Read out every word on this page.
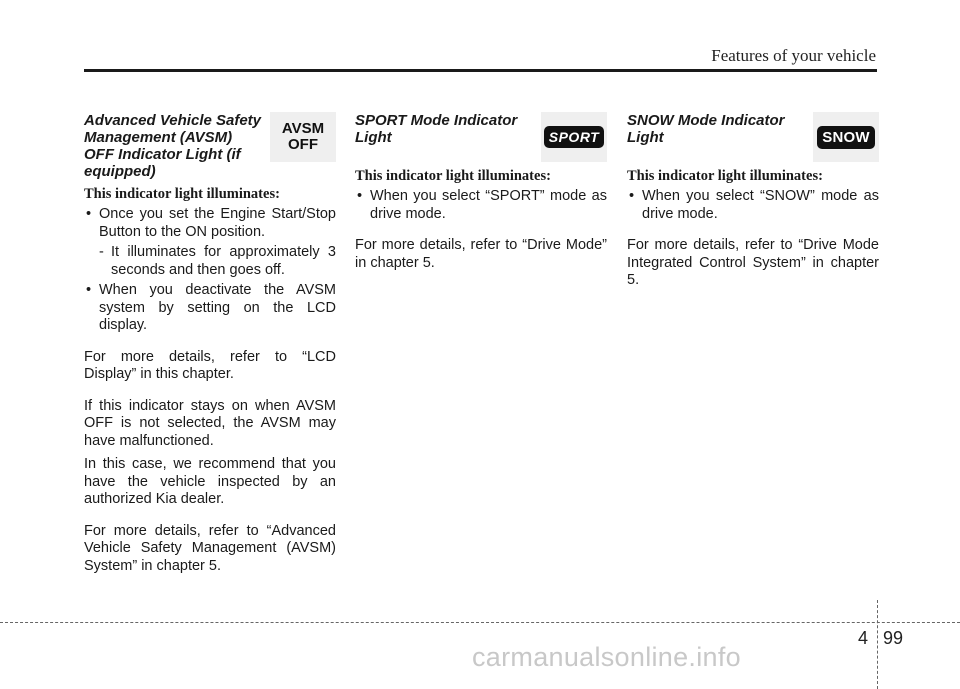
Features of your vehicle
Advanced Vehicle Safety Management (AVSM) OFF Indicator Light (if equipped)
AVSM
OFF
This indicator light illuminates:
• Once you set the Engine Start/Stop Button to the ON position.
- It illuminates for approximately 3 seconds and then goes off.
• When you deactivate the AVSM system by setting on the LCD display.

For more details, refer to “LCD Display” in this chapter.

If this indicator stays on when AVSM OFF is not selected, the AVSM may have malfunctioned.

In this case, we recommend that you have the vehicle inspected by an authorized Kia dealer.

For more details, refer to “Advanced Vehicle Safety Management (AVSM) System” in chapter 5.

SPORT Mode Indicator Light	SPORT
This indicator light illuminates:
• When you select “SPORT” mode as drive mode.

For more details, refer to “Drive Mode” in chapter 5.

SNOW Mode Indicator Light	SNOW
This indicator light illuminates:
• When you select “SNOW” mode as drive mode.

For more details, refer to “Drive Mode Integrated Control System” in chapter 5.

4 99
carmanualsonline.info
